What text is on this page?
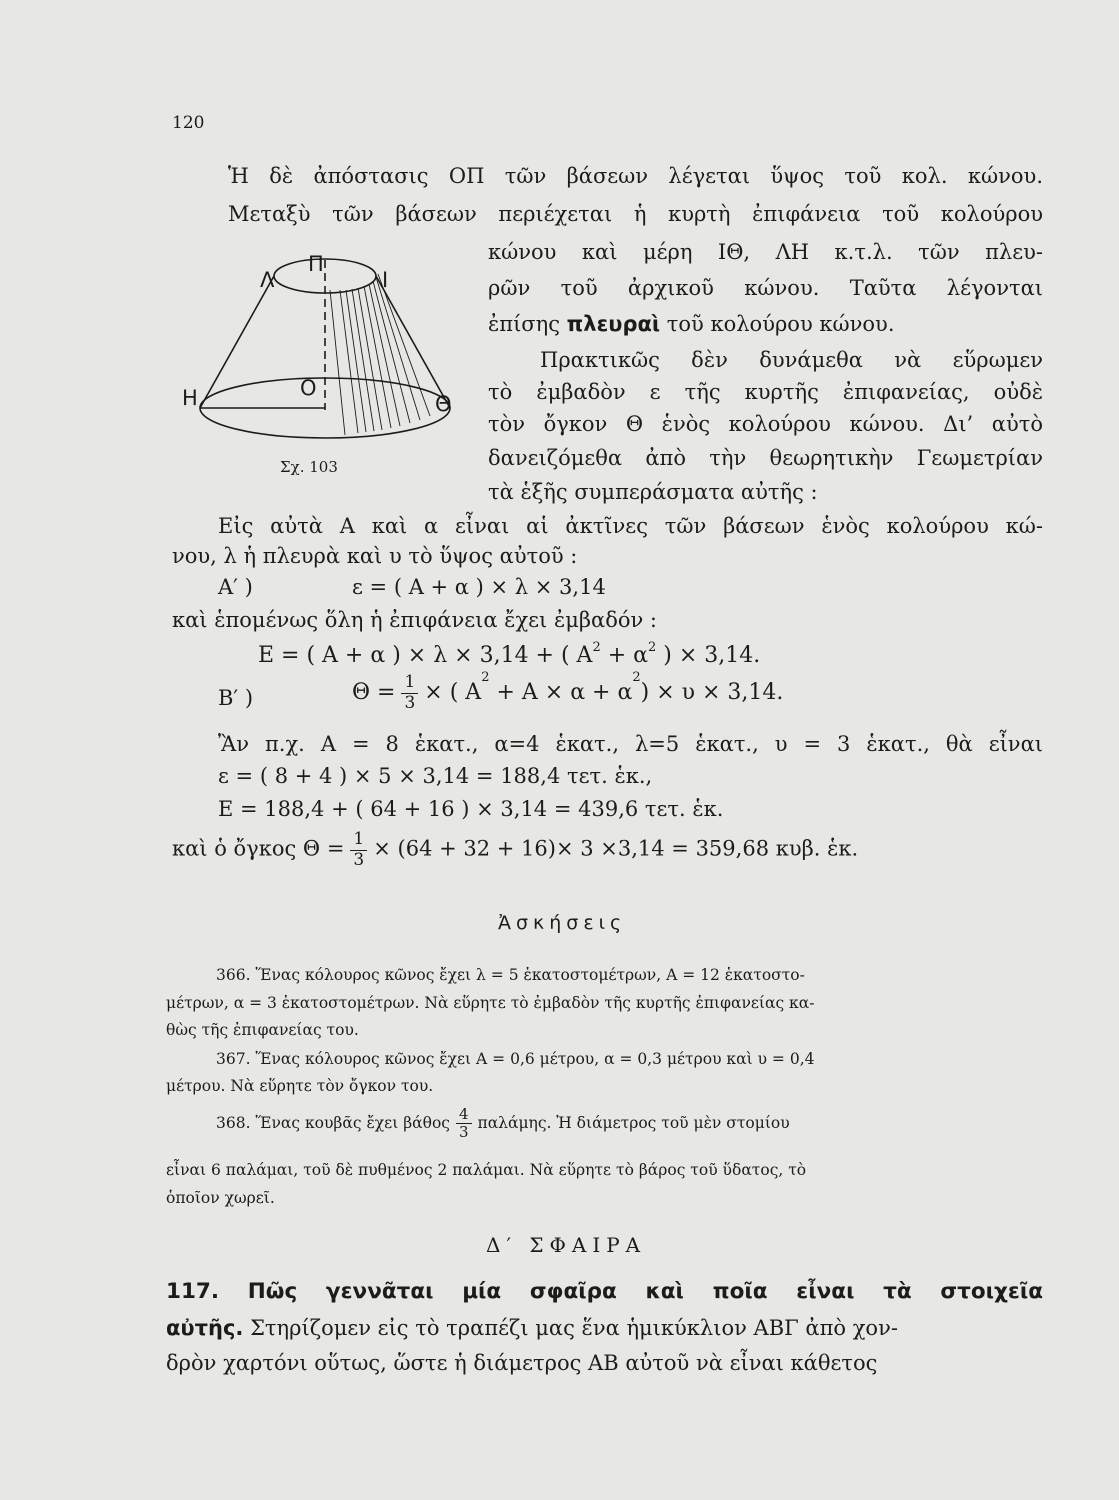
120
Ἡ δὲ ἀπόστασις ΟΠ τῶν βάσεων λέγεται ὕψος τοῦ κολ. κώνου.
Μεταξὺ τῶν βάσεων περιέχεται ἡ κυρτὴ ἐπιφάνεια τοῦ κολούρου
κώνου καὶ μέρη ΙΘ, ΛΗ κ.τ.λ. τῶν πλευ-
ρῶν τοῦ ἀρχικοῦ κώνου. Ταῦτα λέγονται
ἐπίσης πλευραὶ τοῦ κολούρου κώνου.
Πρακτικῶς δὲν δυνάμεθα νὰ εὕρωμεν
τὸ ἐμβαδὸν ε τῆς κυρτῆς ἐπιφανείας, οὐδὲ
τὸν ὄγκον Θ ἑνὸς κολούρου κώνου. Δι’ αὐτὸ
δανειζόμεθα ἀπὸ τὴν θεωρητικὴν Γεωμετρίαν
τὰ ἑξῆς συμπεράσματα αὐτῆς :
Λ
Π
Ι
Η	Ο
Θ
Σχ. 103
Εἰς αὐτὰ Α καὶ α εἶναι αἱ ἀκτῖνες τῶν βάσεων ἑνὸς κολούρου κώ-
νου, λ ἡ πλευρὰ καὶ υ τὸ ὕψος αὐτοῦ :
Α′ )	ε = ( Α + α ) × λ × 3,14
καὶ ἑπομένως ὅλη ἡ ἐπιφάνεια ἔχει ἐμβαδόν :
Ε = ( Α + α ) × λ × 3,14 + ( $A^2 + \alpha^2$ ) × 3,14.
Β′ )	$\Theta = \frac{1}{3}$ × ( $A^2 + A \times \alpha + \alpha^2) \times \upsilon \times 3,14$.
Ἂν π.χ. Α = 8 ἑκατ., α=4 ἑκατ., λ=5 ἑκατ., υ = 3 ἑκατ., θὰ εἶναι
ε = ( 8 + 4 ) × 5 × 3,14 = 188,4 τετ. ἑκ.,
Ε = 188,4 + ( 64 + 16 ) × 3,14 = 439,6 τετ. ἑκ.
καὶ ὁ ὄγκος $\Theta = \frac{1}{3} \times (64 + 32 + 16)\times 3 \times 3,14 = 359,68$ κυβ. ἑκ.
Ἀσκήσεις
366. Ἕνας κόλουρος κῶνος ἔχει λ = 5 ἑκατοστομέτρων, Α = 12 ἑκατοστο-
μέτρων, α = 3 ἑκατοστομέτρων. Νὰ εὕρητε τὸ ἐμβαδὸν τῆς κυρτῆς ἐπιφανείας κα-
θὼς τῆς ἐπιφανείας του.
367. Ἕνας κόλουρος κῶνος ἔχει Α = 0,6 μέτρου, α = 0,3 μέτρου καὶ υ = 0,4
μέτρου. Νὰ εὕρητε τὸν ὄγκον του.
368. Ἕνας κουβᾶς ἔχει βάθος $\frac{4}{3} \pi\alpha\lambda ά\mu\eta\varsigma$. Ἡ διάμετρος τοῦ μὲν στομίου
εἶναι 6 παλάμαι, τοῦ δὲ πυθμένος 2 παλάμαι. Νὰ εὕρητε τὸ βάρος τοῦ ὕδατος, τὸ
ὁποῖον χωρεῖ.
Δ′ ΣΦΑΙΡΑ
117. Πῶς γεννᾶται μία σφαῖρα καὶ ποῖα εἶναι τὰ στοιχεῖα
αὐτῆς. Στηρίζομεν εἰς τὸ τραπέζι μας ἕνα ἡμικύκλιον ΑΒΓ ἀπὸ χον-
δρὸν χαρτόνι οὕτως, ὥστε ἡ διάμετρος ΑΒ αὐτοῦ νὰ εἶναι κάθετος
